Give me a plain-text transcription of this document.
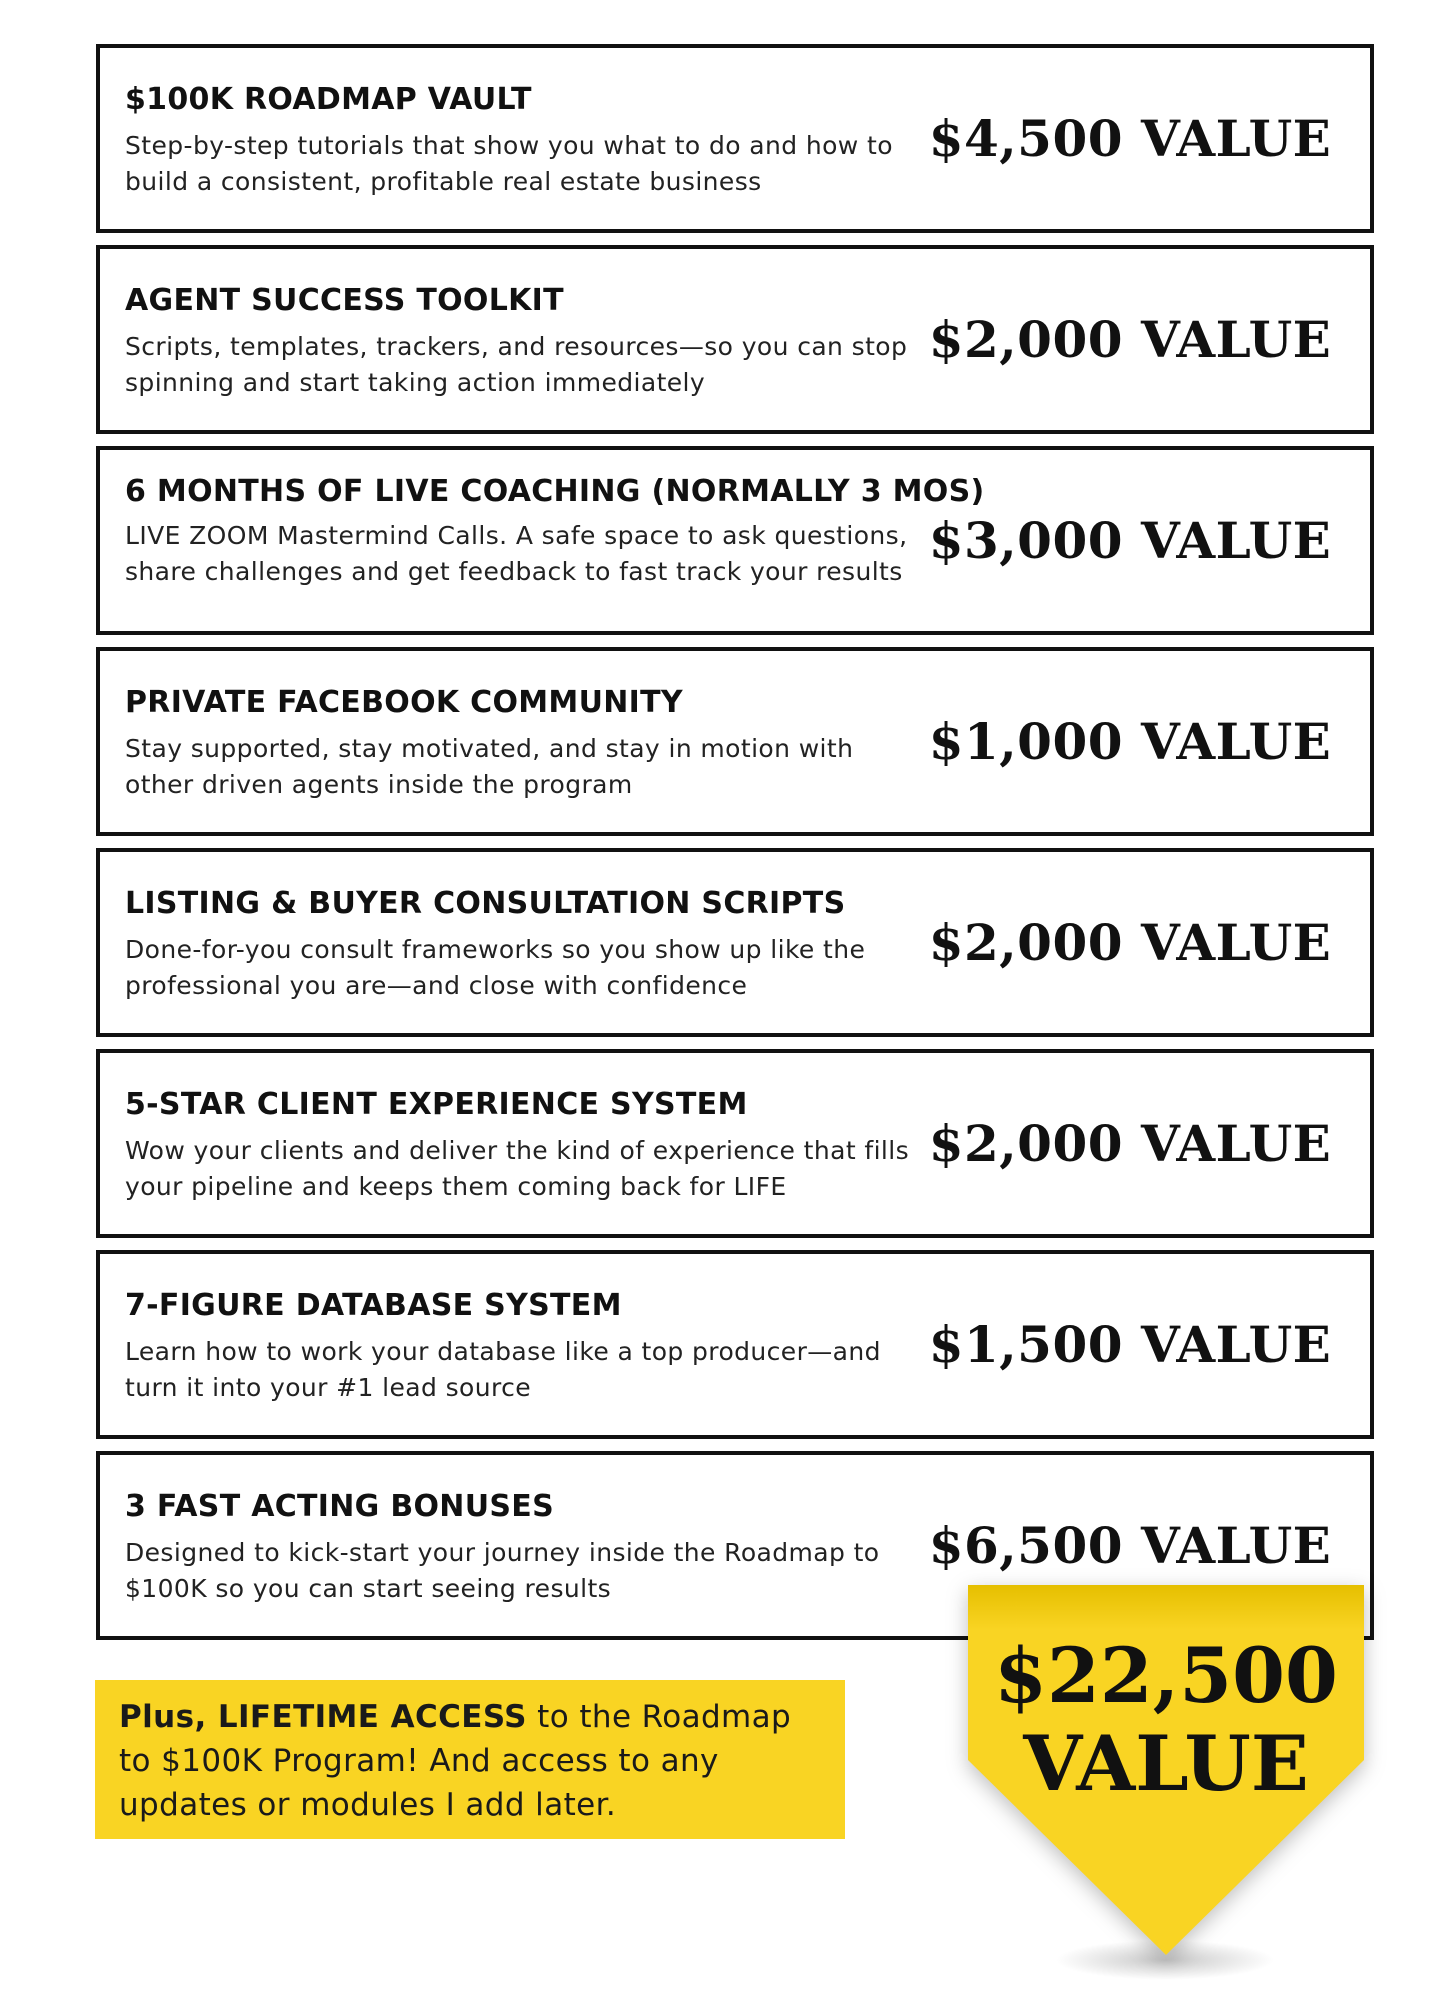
$100K ROADMAP VAULT
Step-by-step tutorials that show you what to do and how to build a consistent, profitable real estate business
$4,500 VALUE
AGENT SUCCESS TOOLKIT
Scripts, templates, trackers, and resources—so you can stop spinning and start taking action immediately
$2,000 VALUE
6 MONTHS OF LIVE COACHING (NORMALLY 3 MOS)
LIVE ZOOM Mastermind Calls. A safe space to ask questions, share challenges and get feedback to fast track your results
$3,000 VALUE
PRIVATE FACEBOOK COMMUNITY
Stay supported, stay motivated, and stay in motion with other driven agents inside the program
$1,000 VALUE
LISTING & BUYER CONSULTATION SCRIPTS
Done-for-you consult frameworks so you show up like the professional you are—and close with confidence
$2,000 VALUE
5-STAR CLIENT EXPERIENCE SYSTEM
Wow your clients and deliver the kind of experience that fills your pipeline and keeps them coming back for LIFE
$2,000 VALUE
7-FIGURE DATABASE SYSTEM
Learn how to work your database like a top producer—and turn it into your #1 lead source
$1,500 VALUE
3 FAST ACTING BONUSES
Designed to kick-start your journey inside the Roadmap to $100K so you can start seeing results
$6,500 VALUE
Plus, LIFETIME ACCESS to the Roadmap to $100K Program! And access to any updates or modules I add later.
$22,500
VALUE
